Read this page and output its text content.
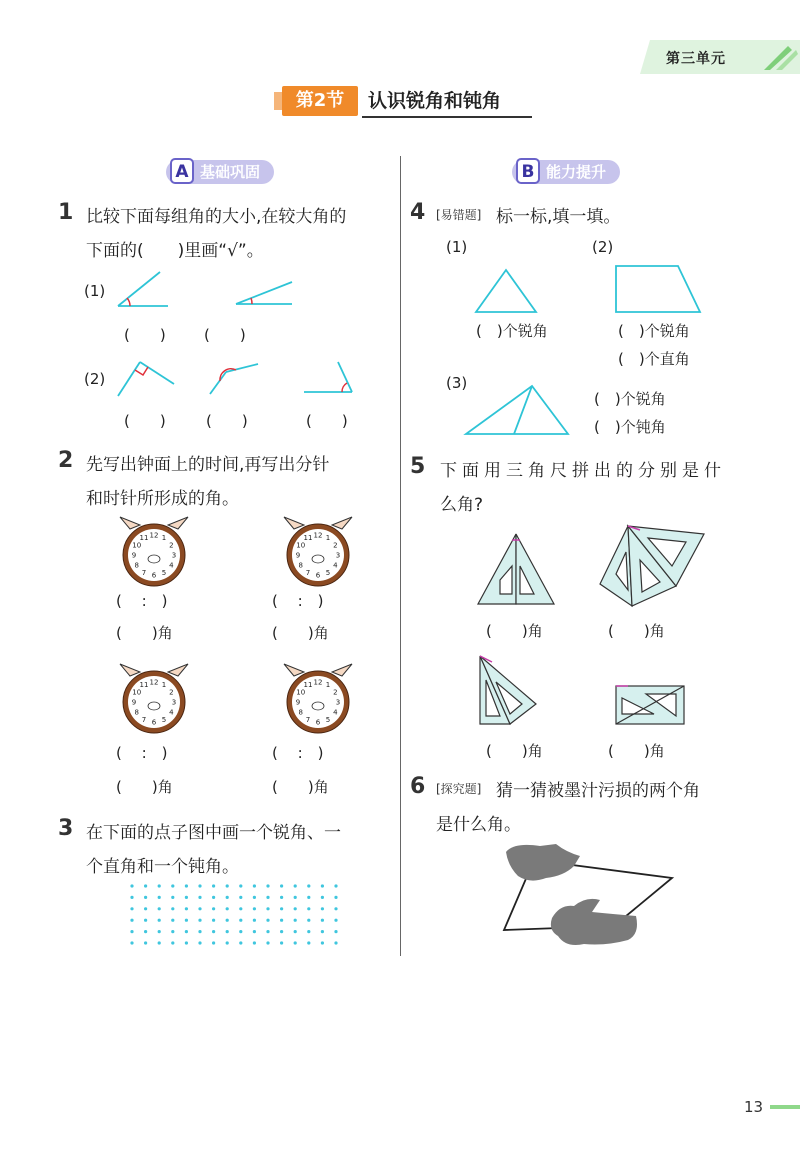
第三单元
第2节	认识锐角和钝角
A 基础巩固
1 比较下面每组角的大小,在较大角的
下面的(　　)里画“√”。
(1)
(　　)	(　　)
(2)
(　　)	(　　)	(　　)
2 先写出钟面上的时间,再写出分针
和时针所形成的角。
12 1
2
3
4
5
6
7
8
9
10
11	12 1
2
3
4
5
6
7
8
9
10
11
12 1
2
3
4
5
6
7
8
9
10
11	12 1
2
3
4
5
6
7
8
9
10
11
(　 :　)
(　　)角
(　 :　)
(　　)角
(　 :　)
(　　)角
(　 :　)
(　　)角
3 在下面的点子图中画一个锐角、一
个直角和一个钝角。
B 能力提升
4 [易错题] 标一标,填一填。
(1)	(2)
(　)个锐角	(　)个锐角
(　)个直角
(3)
(　)个锐角
(　)个钝角
5 下面用三角尺拼出的分别是什
么角?
(　　)角	(　　)角
(　　)角	(　　)角
6 [探究题] 猜一猜被墨汁污损的两个角
是什么角。
13
